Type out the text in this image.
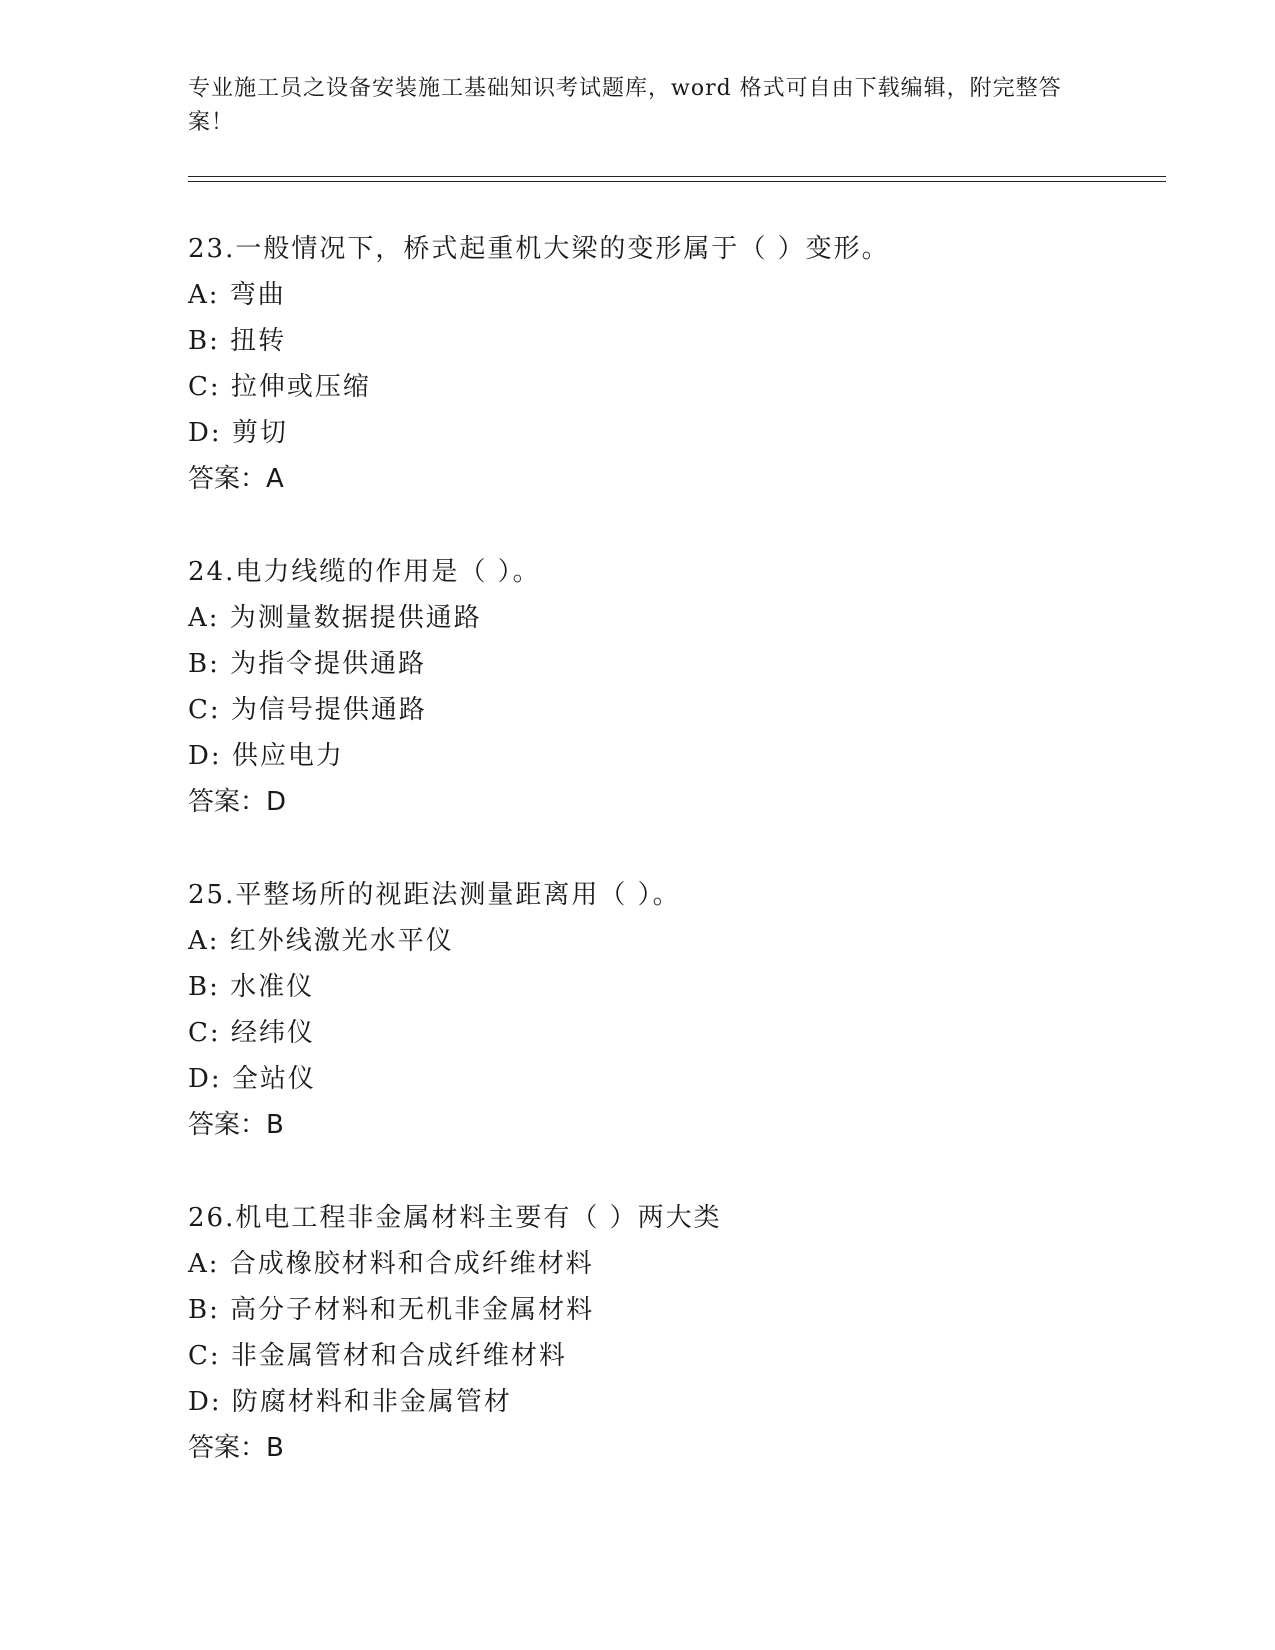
专业施工员之设备安装施工基础知识考试题库，word 格式可自由下载编辑，附完整答案！
23.一般情况下，桥式起重机大梁的变形属于（ ）变形。
A: 弯曲
B: 扭转
C: 拉伸或压缩
D: 剪切
答案：A
24.电力线缆的作用是（ ）。
A: 为测量数据提供通路
B: 为指令提供通路
C: 为信号提供通路
D: 供应电力
答案：D
25.平整场所的视距法测量距离用（ ）。
A: 红外线激光水平仪
B: 水准仪
C: 经纬仪
D: 全站仪
答案：B
26.机电工程非金属材料主要有（ ）两大类
A: 合成橡胶材料和合成纤维材料
B: 高分子材料和无机非金属材料
C: 非金属管材和合成纤维材料
D: 防腐材料和非金属管材
答案：B
